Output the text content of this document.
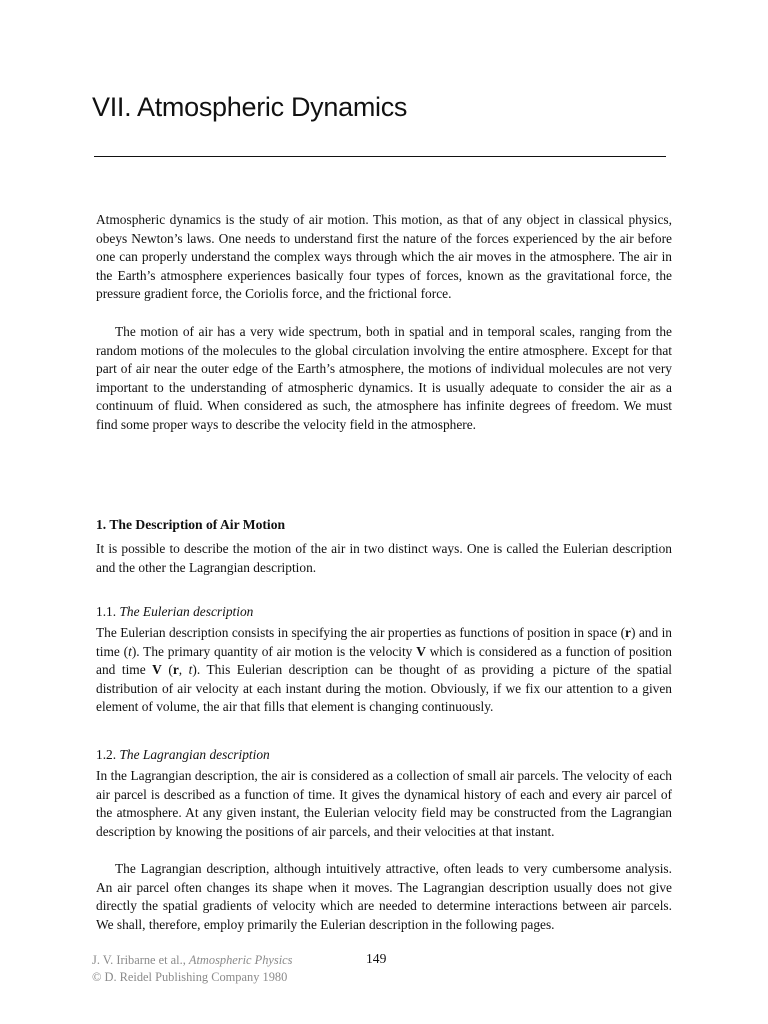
VII. Atmospheric Dynamics

Atmospheric dynamics is the study of air motion. This motion, as that of any object in classical physics, obeys Newton’s laws. One needs to understand first the nature of the forces experienced by the air before one can properly understand the complex ways through which the air moves in the atmosphere. The air in the Earth’s atmosphere experiences basically four types of forces, known as the gravitational force, the pressure gradient force, the Coriolis force, and the frictional force.

The motion of air has a very wide spectrum, both in spatial and in temporal scales, ranging from the random motions of the molecules to the global circulation involving the entire atmosphere. Except for that part of air near the outer edge of the Earth’s atmosphere, the motions of individual molecules are not very important to the understanding of atmospheric dynamics. It is usually adequate to consider the air as a continuum of fluid. When considered as such, the atmosphere has infinite degrees of freedom. We must find some proper ways to describe the velocity field in the atmosphere.

1. The Description of Air Motion

It is possible to describe the motion of the air in two distinct ways. One is called the Eulerian description and the other the Lagrangian description.

1.1. The Eulerian description

The Eulerian description consists in specifying the air properties as functions of position in space (r) and in time (t). The primary quantity of air motion is the velocity V which is considered as a function of position and time V (r, t). This Eulerian description can be thought of as providing a picture of the spatial distribution of air velocity at each instant during the motion. Obviously, if we fix our attention to a given element of volume, the air that fills that element is changing continuously.

1.2. The Lagrangian description

In the Lagrangian description, the air is considered as a collection of small air parcels. The velocity of each air parcel is described as a function of time. It gives the dynamical history of each and every air parcel of the atmosphere. At any given instant, the Eulerian velocity field may be constructed from the Lagrangian description by knowing the positions of air parcels, and their velocities at that instant.

The Lagrangian description, although intuitively attractive, often leads to very cumbersome analysis. An air parcel often changes its shape when it moves. The Lagrangian description usually does not give directly the spatial gradients of velocity which are needed to determine interactions between air parcels. We shall, therefore, employ primarily the Eulerian description in the following pages.

J. V. Iribarne et al., Atmospheric Physics
© D. Reidel Publishing Company 1980

149
